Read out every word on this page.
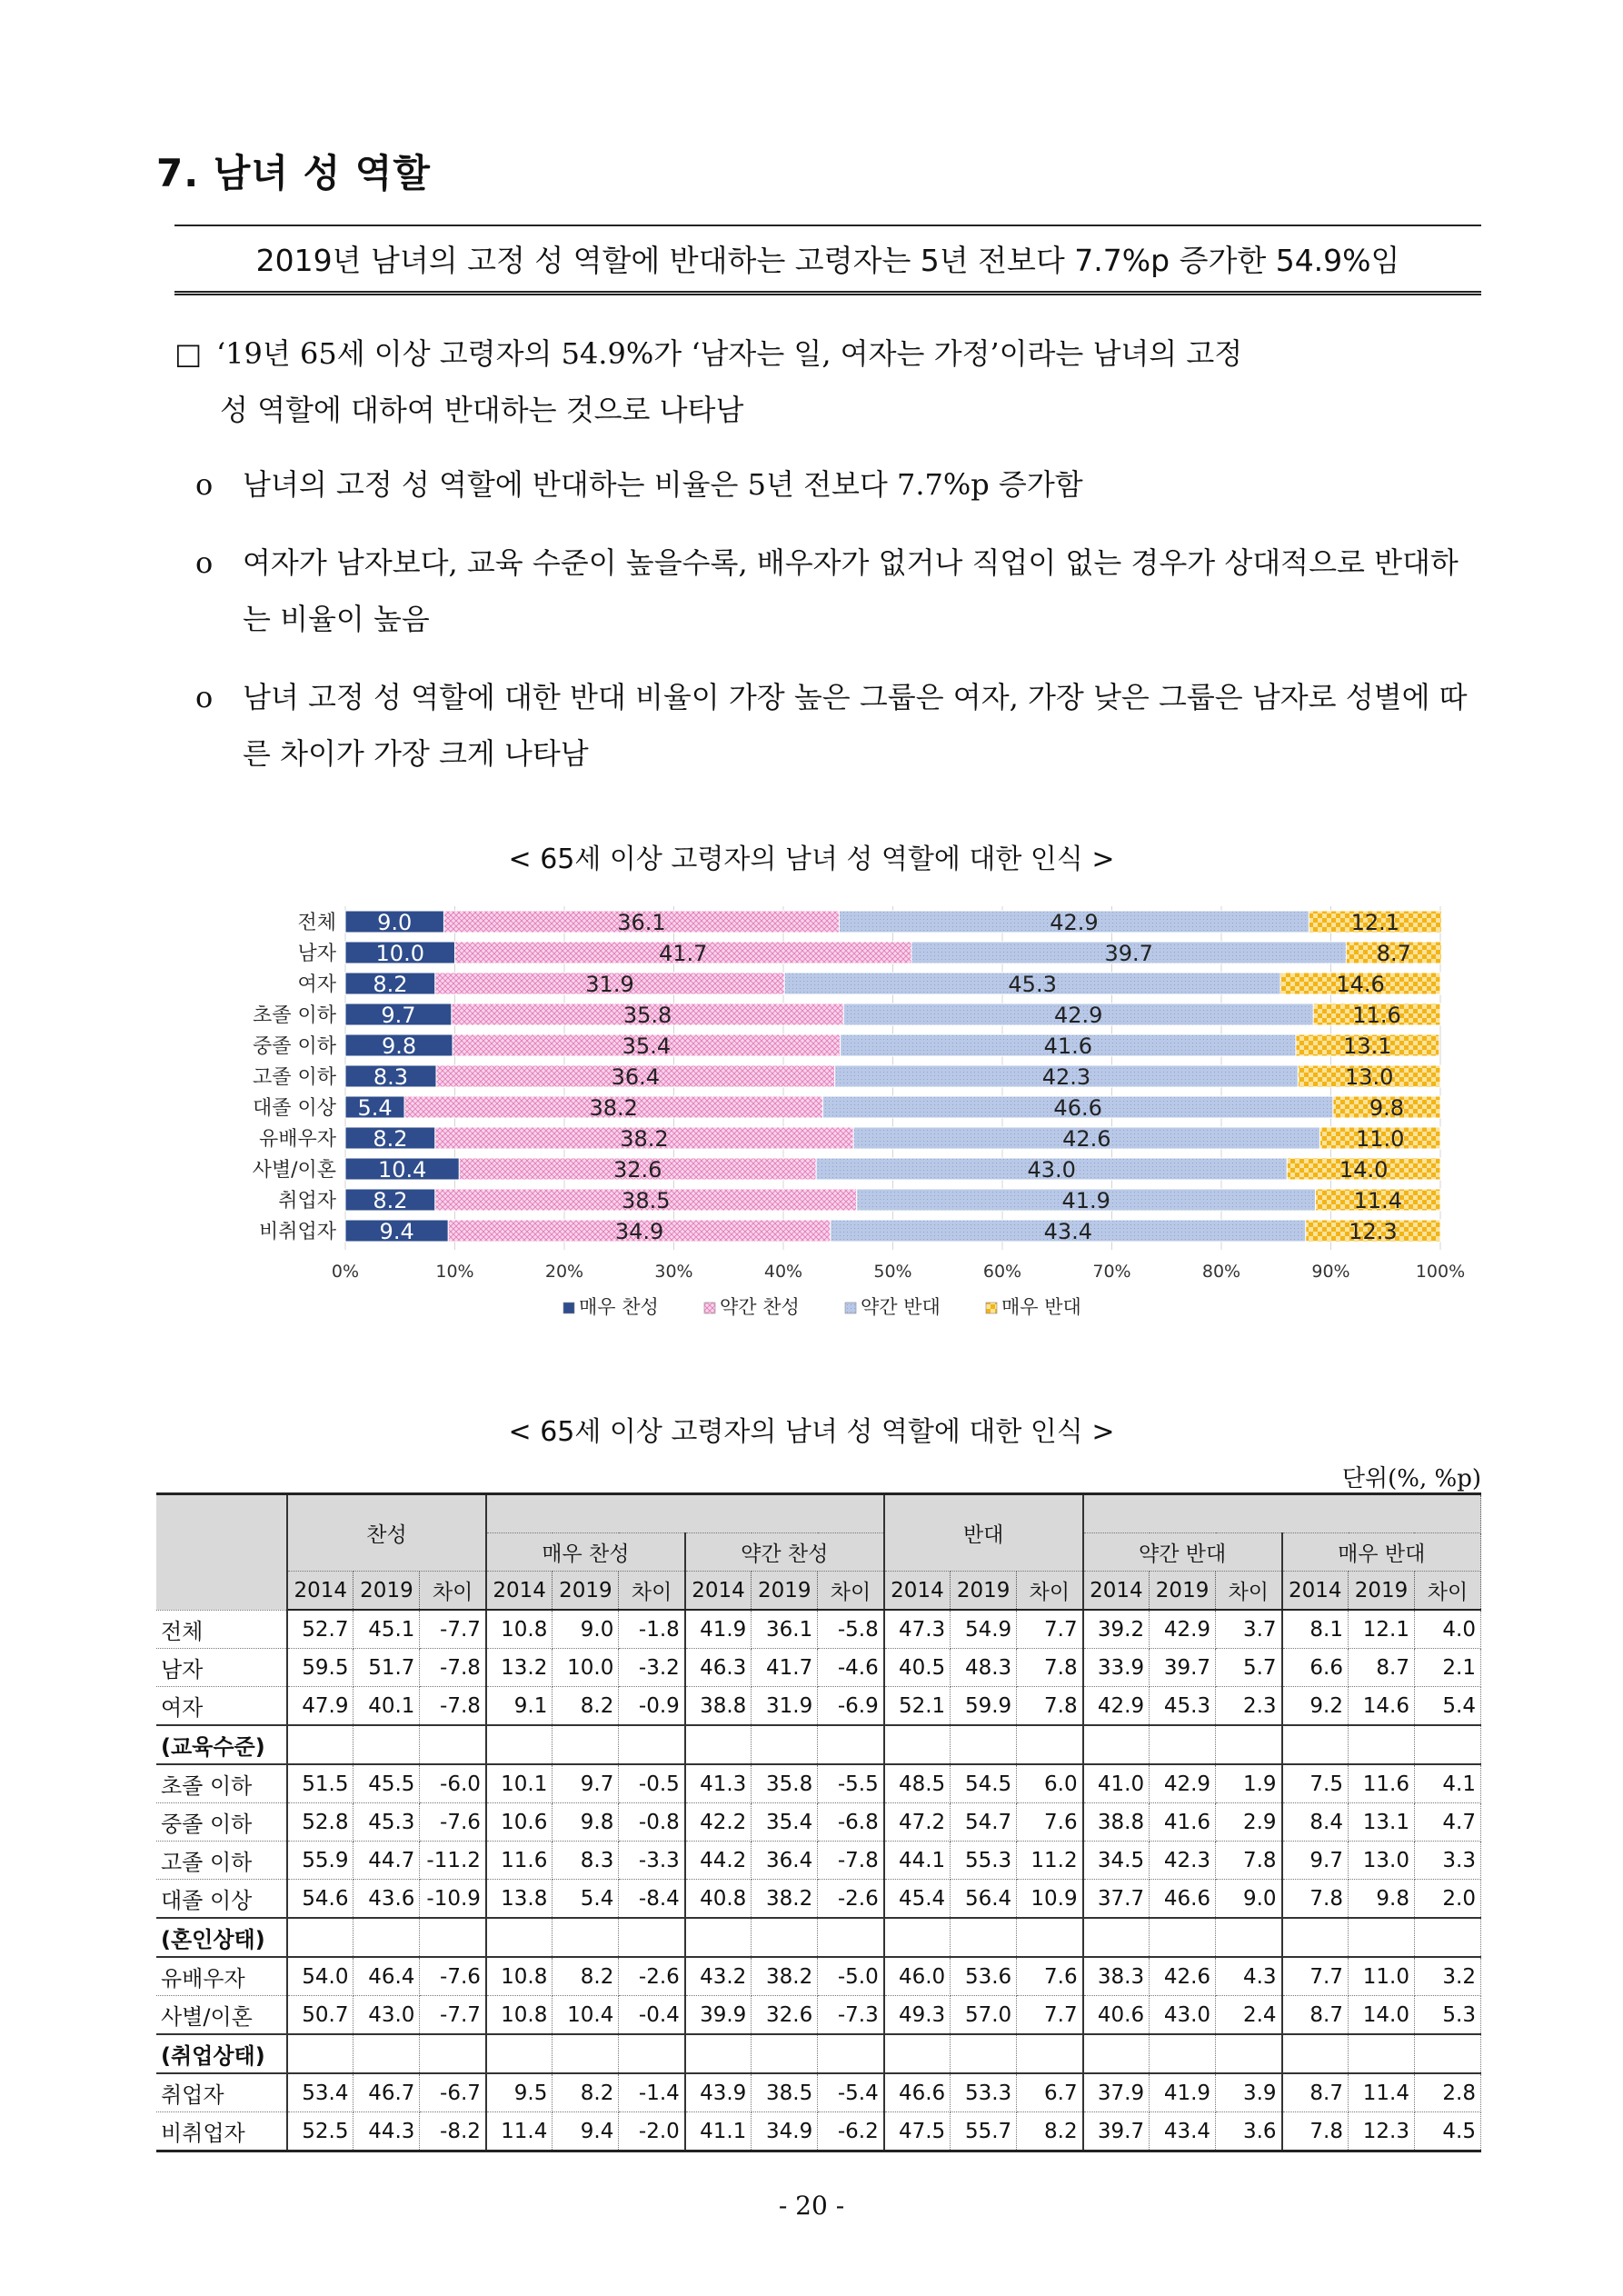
7. 남녀 성 역할
2019년 남녀의 고정 성 역할에 반대하는 고령자는 5년 전보다 7.7%p 증가한 54.9%임
□ ‘19년 65세 이상 고령자의 54.9%가 ‘남자는 일, 여자는 가정’이라는 남녀의 고정
성 역할에 대하여 반대하는 것으로 나타남
o	남녀의 고정 성 역할에 반대하는 비율은 5년 전보다 7.7%p 증가함
o	여자가 남자보다, 교육 수준이 높을수록, 배우자가 없거나 직업이 없는 경우가 상대적으로 반대하는 비율이 높음
o	남녀 고정 성 역할에 대한 반대 비율이 가장 높은 그룹은 여자, 가장 낮은 그룹은 남자로 성별에 따른 차이가 가장 크게 나타남
< 65세 이상 고령자의 남녀 성 역할에 대한 인식 >
전체 9.0	36.1	42.9	12.1
남자 10.0	41.7	39.7	8.7
여자 8.2	31.9	45.3	14.6
초졸 이하 9.7	35.8	42.9	11.6
중졸 이하 9.8	35.4	41.6	13.1
고졸 이하 8.3	36.4	42.3	13.0
대졸 이상 5.4	38.2	46.6	9.8
유배우자 8.2	38.2	42.6	11.0
사별/이혼 10.4	32.6	43.0	14.0
취업자 8.2	38.5	41.9	11.4
비취업자 9.4	34.9	43.4	12.3
0%	10%	20%	30%	40%	50%	60%	70%	80%	90%	100%
매우 찬성	약간 찬성	약간 반대	매우 반대
< 65세 이상 고령자의 남녀 성 역할에 대한 인식 >
단위(%, %p)
	찬성									반대								
				매우 찬성			약간 찬성						약간 반대			매우 반대		
	2014	2019	차이	2014	2019	차이	2014	2019	차이	2014	2019	차이	2014	2019	차이	2014	2019	차이
전체	52.7	45.1	-7.7	10.8	9.0	-1.8	41.9	36.1	-5.8	47.3	54.9	7.7	39.2	42.9	3.7	8.1	12.1	4.0
남자	59.5	51.7	-7.8	13.2	10.0	-3.2	46.3	41.7	-4.6	40.5	48.3	7.8	33.9	39.7	5.7	6.6	8.7	2.1
여자	47.9	40.1	-7.8	9.1	8.2	-0.9	38.8	31.9	-6.9	52.1	59.9	7.8	42.9	45.3	2.3	9.2	14.6	5.4
(교육수준)																		
초졸 이하	51.5	45.5	-6.0	10.1	9.7	-0.5	41.3	35.8	-5.5	48.5	54.5	6.0	41.0	42.9	1.9	7.5	11.6	4.1
중졸 이하	52.8	45.3	-7.6	10.6	9.8	-0.8	42.2	35.4	-6.8	47.2	54.7	7.6	38.8	41.6	2.9	8.4	13.1	4.7
고졸 이하	55.9	44.7	-11.2	11.6	8.3	-3.3	44.2	36.4	-7.8	44.1	55.3	11.2	34.5	42.3	7.8	9.7	13.0	3.3
대졸 이상	54.6	43.6	-10.9	13.8	5.4	-8.4	40.8	38.2	-2.6	45.4	56.4	10.9	37.7	46.6	9.0	7.8	9.8	2.0
(혼인상태)																		
유배우자	54.0	46.4	-7.6	10.8	8.2	-2.6	43.2	38.2	-5.0	46.0	53.6	7.6	38.3	42.6	4.3	7.7	11.0	3.2
사별/이혼	50.7	43.0	-7.7	10.8	10.4	-0.4	39.9	32.6	-7.3	49.3	57.0	7.7	40.6	43.0	2.4	8.7	14.0	5.3
(취업상태)																		
취업자	53.4	46.7	-6.7	9.5	8.2	-1.4	43.9	38.5	-5.4	46.6	53.3	6.7	37.9	41.9	3.9	8.7	11.4	2.8
비취업자	52.5	44.3	-8.2	11.4	9.4	-2.0	41.1	34.9	-6.2	47.5	55.7	8.2	39.7	43.4	3.6	7.8	12.3	4.5
- 20 -
